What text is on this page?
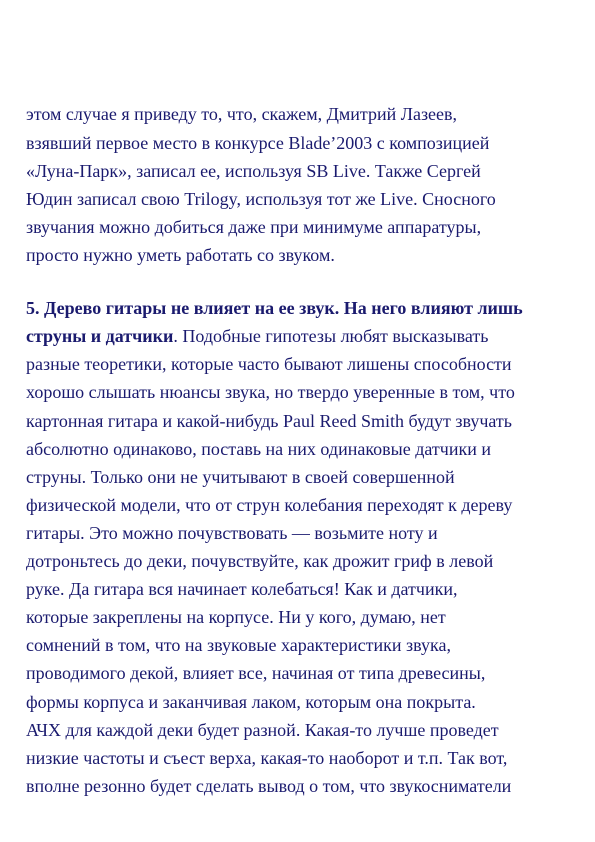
этом случае я приведу то, что, скажем, Дмитрий Лазеев,

взявший первое место в конкурсе Blade’2003 с композицией

«Луна-Парк», записал ее, используя SB Live. Также Сергей

Юдин записал свою Trilogy, используя тот же Live. Сносного

звучания можно добиться даже при минимуме аппаратуры,

просто нужно уметь работать со звуком.

5. Дерево гитары не влияет на ее звук. На него влияют лишь

струны и датчики. Подобные гипотезы любят высказывать

разные теоретики, которые часто бывают лишены способности

хорошо слышать нюансы звука, но твердо уверенные в том, что

картонная гитара и какой-нибудь Paul Reed Smith будут звучать

абсолютно одинаково, поставь на них одинаковые датчики и

струны. Только они не учитывают в своей совершенной

физической модели, что от струн колебания переходят к дереву

гитары. Это можно почувствовать — возьмите ноту и

дотроньтесь до деки, почувствуйте, как дрожит гриф в левой

руке. Да гитара вся начинает колебаться! Как и датчики,

которые закреплены на корпусе. Ни у кого, думаю, нет

сомнений в том, что на звуковые характеристики звука,

проводимого декой, влияет все, начиная от типа древесины,

формы корпуса и заканчивая лаком, которым она покрыта.

АЧХ для каждой деки будет разной. Какая-то лучше проведет

низкие частоты и съест верха, какая-то наоборот и т.п. Так вот,

вполне резонно будет сделать вывод о том, что звукосниматели
